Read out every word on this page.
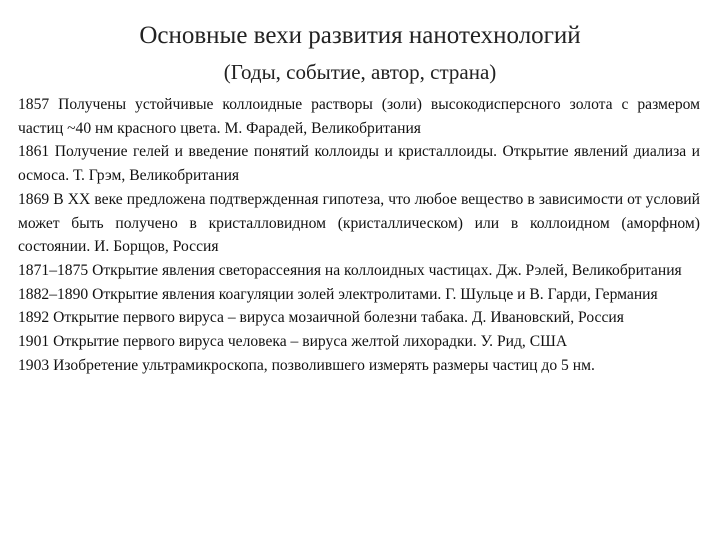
Основные вехи развития нанотехнологий
(Годы, событие, автор, страна)

1857 Получены устойчивые коллоидные растворы (золи) высокодисперсного золота с размером частиц ~40 нм красного цвета. М. Фарадей, Великобритания

1861 Получение гелей и введение понятий коллоиды и кристаллоиды. Открытие явлений диализа и осмоса. Т. Грэм, Великобритания

1869 В XX веке предложена подтвержденная гипотеза, что любое вещество в зависимости от условий может быть получено в кристалловидном (кристаллическом) или в коллоидном (аморфном) состоянии. И. Борщов, Россия

1871–1875 Открытие явления светорассеяния на коллоидных частицах. Дж. Рэлей, Великобритания

1882–1890 Открытие явления коагуляции золей электролитами. Г. Шульце и В. Гарди, Германия

1892 Открытие первого вируса – вируса мозаичной болезни табака. Д. Ивановский, Россия

1901 Открытие первого вируса человека – вируса желтой лихорадки. У. Рид, США

1903 Изобретение ультрамикроскопа, позволившего измерять размеры частиц до 5 нм.
